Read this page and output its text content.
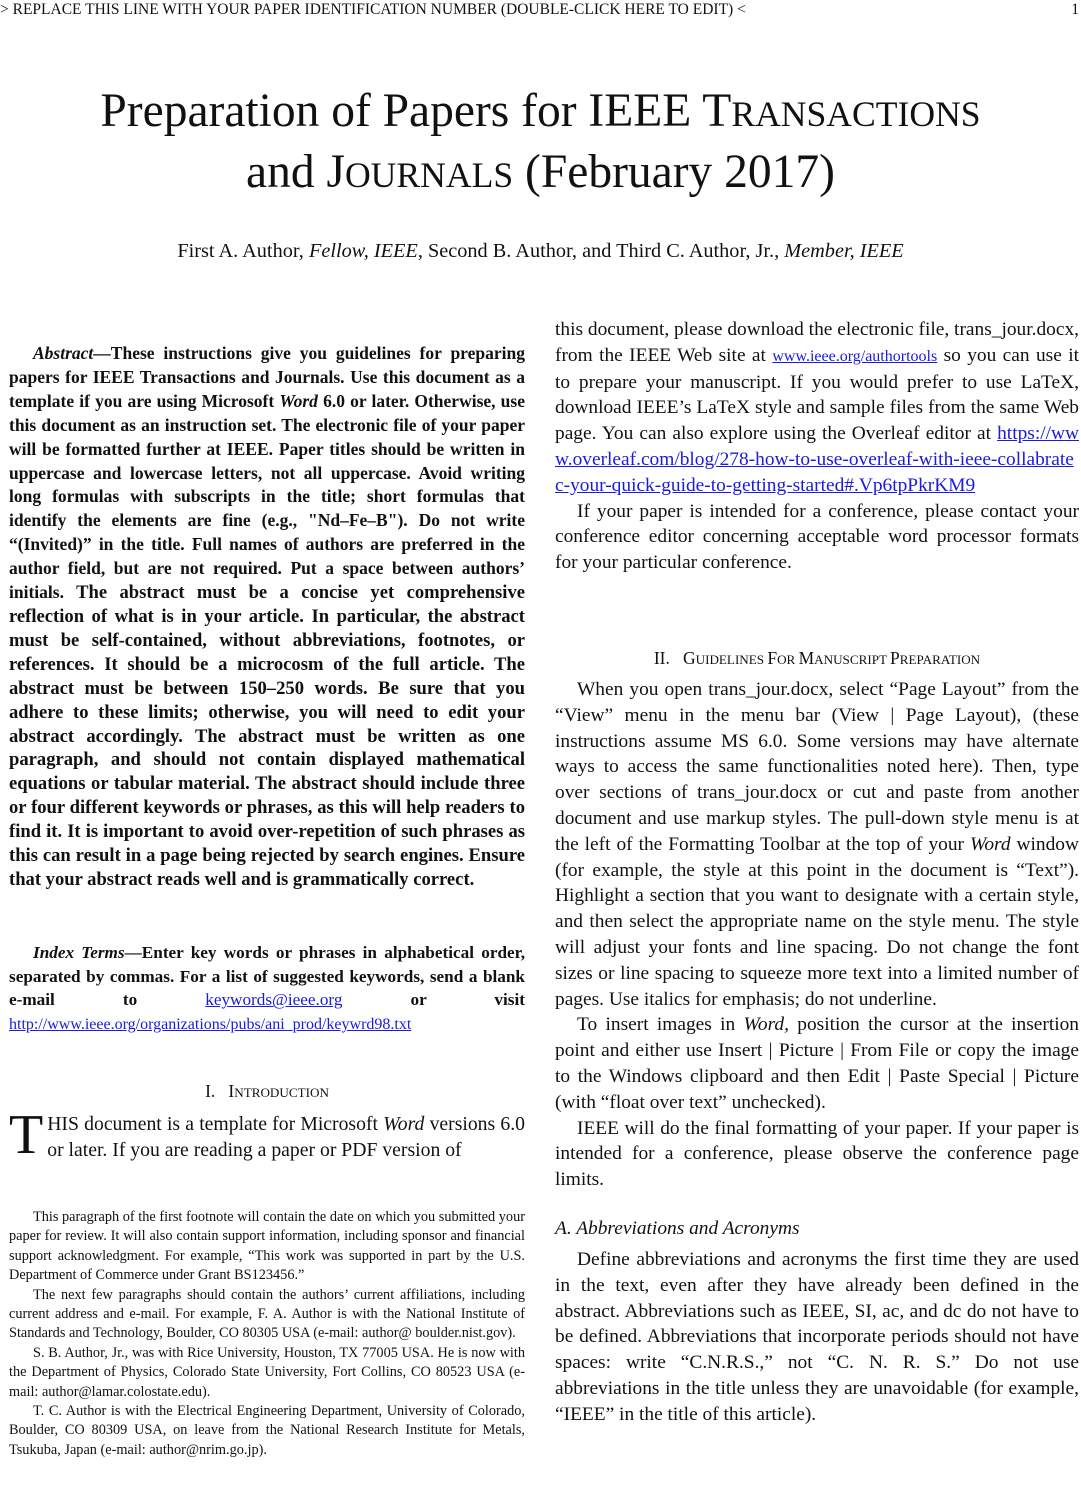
> REPLACE THIS LINE WITH YOUR PAPER IDENTIFICATION NUMBER (DOUBLE-CLICK HERE TO EDIT) <	1
Preparation of Papers for IEEE TRANSACTIONS
and JOURNALS (February 2017)
First A. Author, Fellow, IEEE, Second B. Author, and Third C. Author, Jr., Member, IEEE

Abstract—These instructions give you guidelines for preparing papers for IEEE Transactions and Journals. Use this document as a template if you are using Microsoft Word 6.0 or later. Otherwise, use this document as an instruction set. The electronic file of your paper will be formatted further at IEEE. Paper titles should be written in uppercase and lowercase letters, not all uppercase. Avoid writing long formulas with subscripts in the title; short formulas that identify the elements are fine (e.g., "Nd–Fe–B"). Do not write “(Invited)” in the title. Full names of authors are preferred in the author field, but are not required. Put a space between authors’ initials. The abstract must be a concise yet comprehensive reflection of what is in your article. In particular, the abstract must be self-contained, without abbreviations, footnotes, or references. It should be a microcosm of the full article. The abstract must be between 150–250 words. Be sure that you adhere to these limits; otherwise, you will need to edit your abstract accordingly. The abstract must be written as one paragraph, and should not contain displayed mathematical equations or tabular material. The abstract should include three or four different keywords or phrases, as this will help readers to find it. It is important to avoid over-repetition of such phrases as this can result in a page being rejected by search engines. Ensure that your abstract reads well and is grammatically correct.

Index Terms—Enter key words or phrases in alphabetical order, separated by commas. For a list of suggested keywords, send a blank e-mail to keywords@ieee.org or visit http://www.ieee.org/organizations/pubs/ani_prod/keywrd98.txt

I. INTRODUCTION

THIS document is a template for Microsoft Word versions 6.0 or later. If you are reading a paper or PDF version of

This paragraph of the first footnote will contain the date on which you submitted your paper for review. It will also contain support information, including sponsor and financial support acknowledgment. For example, “This work was supported in part by the U.S. Department of Commerce under Grant BS123456.”

The next few paragraphs should contain the authors’ current affiliations, including current address and e-mail. For example, F. A. Author is with the National Institute of Standards and Technology, Boulder, CO 80305 USA (e-mail: author@ boulder.nist.gov).

S. B. Author, Jr., was with Rice University, Houston, TX 77005 USA. He is now with the Department of Physics, Colorado State University, Fort Collins, CO 80523 USA (e-mail: author@lamar.colostate.edu).

T. C. Author is with the Electrical Engineering Department, University of Colorado, Boulder, CO 80309 USA, on leave from the National Research Institute for Metals, Tsukuba, Japan (e-mail: author@nrim.go.jp).

this document, please download the electronic file, trans_jour.docx, from the IEEE Web site at www.ieee.org/authortools so you can use it to prepare your manuscript. If you would prefer to use LaTeX, download IEEE’s LaTeX style and sample files from the same Web page. You can also explore using the Overleaf editor at https://www.overleaf.com/blog/278-how-to-use-overleaf-with-ieee-collabratec-your-quick-guide-to-getting-started#.Vp6tpPkrKM9

If your paper is intended for a conference, please contact your conference editor concerning acceptable word processor formats for your particular conference.

II. GUIDELINES FOR MANUSCRIPT PREPARATION

When you open trans_jour.docx, select “Page Layout” from the “View” menu in the menu bar (View | Page Layout), (these instructions assume MS 6.0. Some versions may have alternate ways to access the same functionalities noted here). Then, type over sections of trans_jour.docx or cut and paste from another document and use markup styles. The pull-down style menu is at the left of the Formatting Toolbar at the top of your Word window (for example, the style at this point in the document is “Text”). Highlight a section that you want to designate with a certain style, and then select the appropriate name on the style menu. The style will adjust your fonts and line spacing. Do not change the font sizes or line spacing to squeeze more text into a limited number of pages. Use italics for emphasis; do not underline.

To insert images in Word, position the cursor at the insertion point and either use Insert | Picture | From File or copy the image to the Windows clipboard and then Edit | Paste Special | Picture (with “float over text” unchecked).

IEEE will do the final formatting of your paper. If your paper is intended for a conference, please observe the conference page limits.

A. Abbreviations and Acronyms

Define abbreviations and acronyms the first time they are used in the text, even after they have already been defined in the abstract. Abbreviations such as IEEE, SI, ac, and dc do not have to be defined. Abbreviations that incorporate periods should not have spaces: write “C.N.R.S.,” not “C. N. R. S.” Do not use abbreviations in the title unless they are unavoidable (for example, “IEEE” in the title of this article).
